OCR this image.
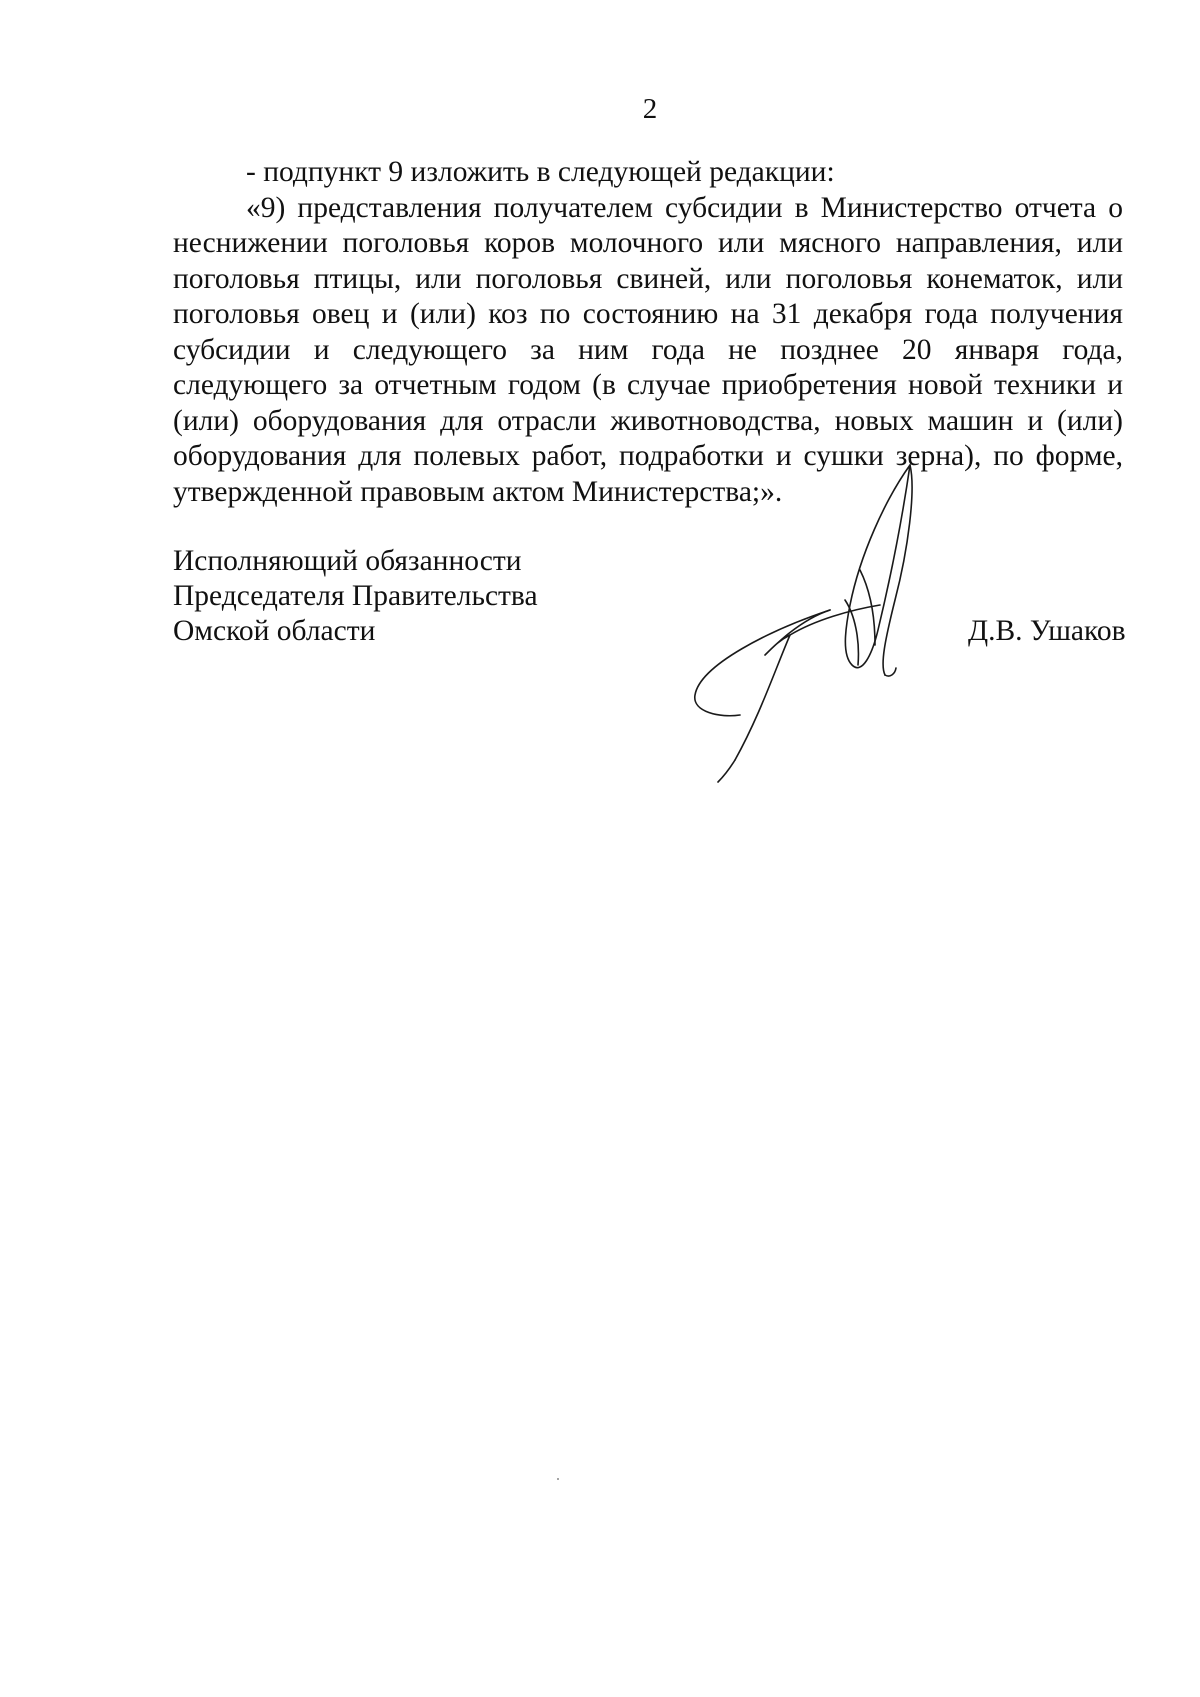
2

- подпункт 9 изложить в следующей редакции:

«9) представления получателем субсидии в Министерство отчета о неснижении поголовья коров молочного или мясного направления, или поголовья птицы, или поголовья свиней, или поголовья конематок, или поголовья овец и (или) коз по состоянию на 31 декабря года получения субсидии и следующего за ним года не позднее 20 января года, следующего за отчетным годом (в случае приобретения новой техники и (или) оборудования для отрасли животноводства, новых машин и (или) оборудования для полевых работ, подработки и сушки зерна), по форме, утвержденной правовым актом Министерства;».

Исполняющий обязанности
Председателя Правительства
Омской области	Д.В. Ушаков
